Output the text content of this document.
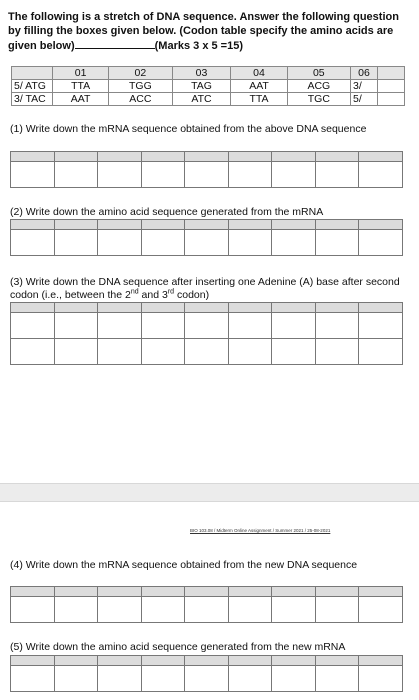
The following is a stretch of DNA sequence. Answer the following question by filling the boxes given below. (Codon table specify the amino acids are given below)	(Marks 3 x 5 =15)
	01	02	03	04	05	06	
5/ ATG	TTA	TGG	TAG	AAT	ACG	3/	
3/ TAC	AAT	ACC	ATC	TTA	TGC	5/	
(1) Write down the mRNA sequence obtained from the above DNA sequence

(2) Write down the amino acid sequence generated from the mRNA

(3) Write down the DNA sequence after inserting one Adenine (A) base after second codon (i.e., between the 2nd and 3rd codon)

BIO 103.08 / Midterm Online Assignment / Summer 2021 / 25-08-2021
(4) Write down the mRNA sequence obtained from the new DNA sequence

(5) Write down the amino acid sequence generated from the new mRNA
